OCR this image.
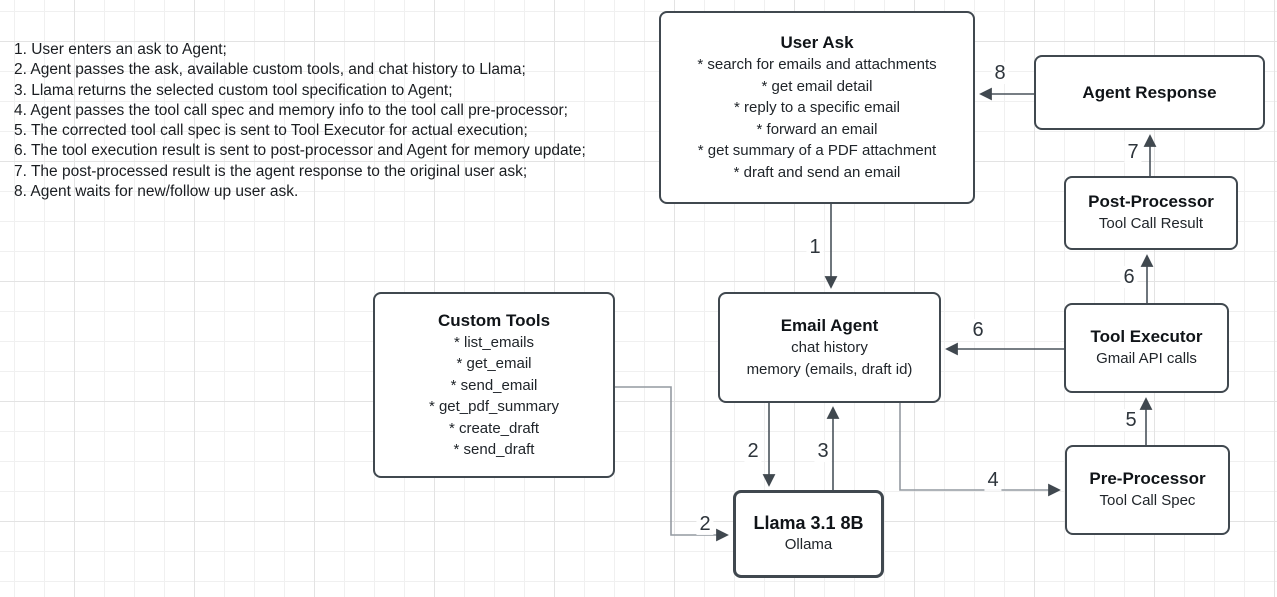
1. User enters an ask to Agent;
2. Agent passes the ask, available custom tools, and chat history to Llama;
3. Llama returns the selected custom tool specification to Agent;
4. Agent passes the tool call spec and memory info to the tool call pre-processor;
5. The corrected tool call spec is sent to Tool Executor for actual execution;
6. The tool execution result is sent to post-processor and Agent for memory update;
7. The post-processed result is the agent response to the original user ask;
8. Agent waits for new/follow up user ask.
1
2	3
2
4
5
6
6
7
8
User Ask
* search for emails and attachments
* get email detail
* reply to a specific email
* forward an email
* get summary of a PDF attachment
* draft and send an email
Agent Response
Post-Processor
Tool Call Result
Email Agent
chat history
memory (emails, draft id)
Tool Executor
Gmail API calls
Custom Tools
* list_emails
* get_email
* send_email
* get_pdf_summary
* create_draft
* send_draft
Pre-Processor
Tool Call Spec
Llama 3.1 8B
Ollama
